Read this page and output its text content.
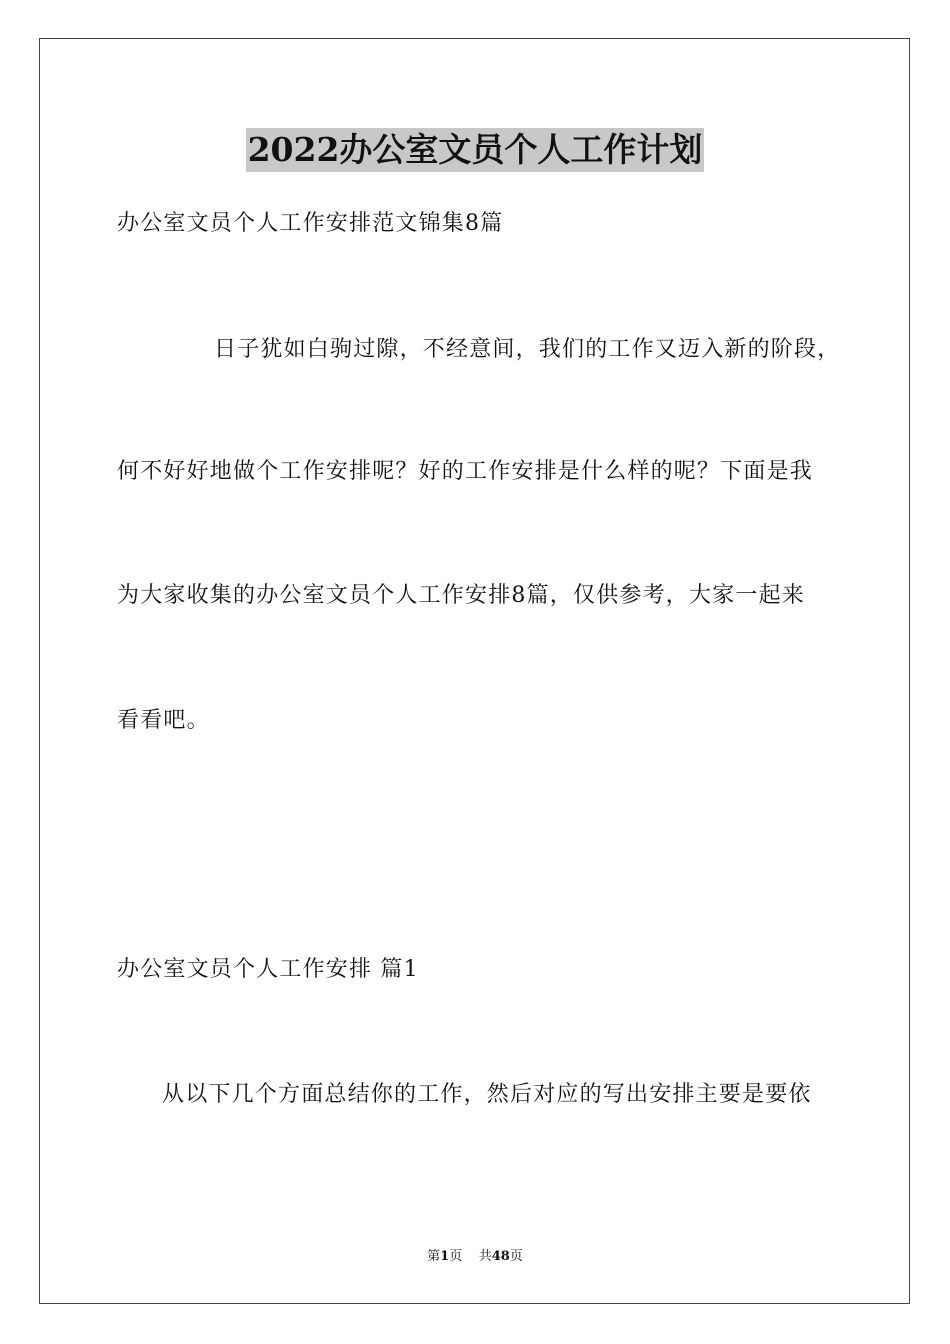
2022办公室文员个人工作计划
办公室文员个人工作安排范文锦集8篇
日子犹如白驹过隙，不经意间，我们的工作又迈入新的阶段，
何不好好地做个工作安排呢？好的工作安排是什么样的呢？下面是我
为大家收集的办公室文员个人工作安排8篇，仅供参考，大家一起来
看看吧。
办公室文员个人工作安排 篇1
从以下几个方面总结你的工作，然后对应的写出安排主要是要依
第1页    共48页
